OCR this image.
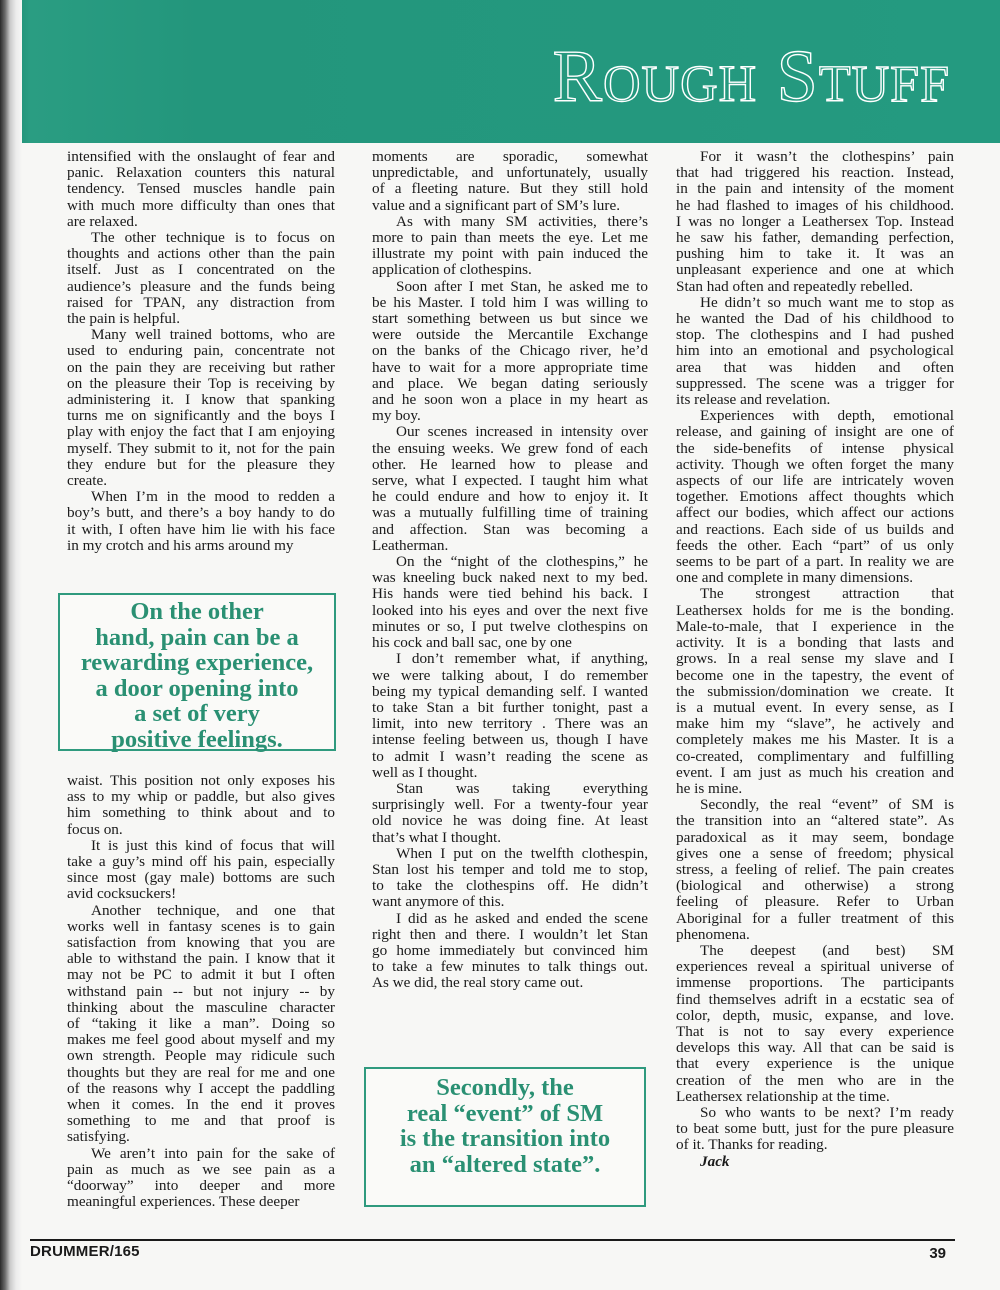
Rough Stuff
intensified with the onslaught of fear and
panic. Relaxation counters this natural
tendency. Tensed muscles handle pain
with much more difficulty than ones that
are relaxed.
The other technique is to focus on
thoughts and actions other than the pain
itself. Just as I concentrated on the
audience’s pleasure and the funds being
raised for TPAN, any distraction from
the pain is helpful.
Many well trained bottoms, who are
used to enduring pain, concentrate not
on the pain they are receiving but rather
on the pleasure their Top is receiving by
administering it. I know that spanking
turns me on significantly and the boys I
play with enjoy the fact that I am enjoying
myself. They submit to it, not for the pain
they endure but for the pleasure they
create.
When I’m in the mood to redden a
boy’s butt, and there’s a boy handy to do
it with, I often have him lie with his face
in my crotch and his arms around my
On the other
hand, pain can be a
rewarding experience,
a door opening into
a set of very
positive feelings.
waist. This position not only exposes his
ass to my whip or paddle, but also gives
him something to think about and to
focus on.
It is just this kind of focus that will
take a guy’s mind off his pain, especially
since most (gay male) bottoms are such
avid cocksuckers!
Another technique, and one that
works well in fantasy scenes is to gain
satisfaction from knowing that you are
able to withstand the pain. I know that it
may not be PC to admit it but I often
withstand pain -- but not injury -- by
thinking about the masculine character
of “taking it like a man”. Doing so
makes me feel good about myself and my
own strength. People may ridicule such
thoughts but they are real for me and one
of the reasons why I accept the paddling
when it comes. In the end it proves
something to me and that proof is
satisfying.
We aren’t into pain for the sake of
pain as much as we see pain as a
“doorway” into deeper and more
meaningful experiences. These deeper
moments are sporadic, somewhat
unpredictable, and unfortunately, usually
of a fleeting nature. But they still hold
value and a significant part of SM’s lure.
As with many SM activities, there’s
more to pain than meets the eye. Let me
illustrate my point with pain induced the
application of clothespins.
Soon after I met Stan, he asked me to
be his Master. I told him I was willing to
start something between us but since we
were outside the Mercantile Exchange
on the banks of the Chicago river, he’d
have to wait for a more appropriate time
and place. We began dating seriously
and he soon won a place in my heart as
my boy.
Our scenes increased in intensity over
the ensuing weeks. We grew fond of each
other. He learned how to please and
serve, what I expected. I taught him what
he could endure and how to enjoy it. It
was a mutually fulfilling time of training
and affection. Stan was becoming a
Leatherman.
On the “night of the clothespins,” he
was kneeling buck naked next to my bed.
His hands were tied behind his back. I
looked into his eyes and over the next five
minutes or so, I put twelve clothespins on
his cock and ball sac, one by one
I don’t remember what, if anything,
we were talking about, I do remember
being my typical demanding self. I wanted
to take Stan a bit further tonight, past a
limit, into new territory . There was an
intense feeling between us, though I have
to admit I wasn’t reading the scene as
well as I thought.
Stan was taking everything
surprisingly well. For a twenty-four year
old novice he was doing fine. At least
that’s what I thought.
When I put on the twelfth clothespin,
Stan lost his temper and told me to stop,
to take the clothespins off. He didn’t
want anymore of this.
I did as he asked and ended the scene
right then and there. I wouldn’t let Stan
go home immediately but convinced him
to take a few minutes to talk things out.
As we did, the real story came out.
Secondly, the
real “event” of SM
is the transition into
an “altered state”.
For it wasn’t the clothespins’ pain
that had triggered his reaction. Instead,
in the pain and intensity of the moment
he had flashed to images of his childhood.
I was no longer a Leathersex Top. Instead
he saw his father, demanding perfection,
pushing him to take it. It was an
unpleasant experience and one at which
Stan had often and repeatedly rebelled.
He didn’t so much want me to stop as
he wanted the Dad of his childhood to
stop. The clothespins and I had pushed
him into an emotional and psychological
area that was hidden and often
suppressed. The scene was a trigger for
its release and revelation.
Experiences with depth, emotional
release, and gaining of insight are one of
the side-benefits of intense physical
activity. Though we often forget the many
aspects of our life are intricately woven
together. Emotions affect thoughts which
affect our bodies, which affect our actions
and reactions. Each side of us builds and
feeds the other. Each “part” of us only
seems to be part of a part. In reality we are
one and complete in many dimensions.
The strongest attraction that
Leathersex holds for me is the bonding.
Male-to-male, that I experience in the
activity. It is a bonding that lasts and
grows. In a real sense my slave and I
become one in the tapestry, the event of
the submission/domination we create. It
is a mutual event. In every sense, as I
make him my “slave”, he actively and
completely makes me his Master. It is a
co-created, complimentary and fulfilling
event. I am just as much his creation and
he is mine.
Secondly, the real “event” of SM is
the transition into an “altered state”. As
paradoxical as it may seem, bondage
gives one a sense of freedom; physical
stress, a feeling of relief. The pain creates
(biological and otherwise) a strong
feeling of pleasure. Refer to Urban
Aboriginal for a fuller treatment of this
phenomena.
The deepest (and best) SM
experiences reveal a spiritual universe of
immense proportions. The participants
find themselves adrift in a ecstatic sea of
color, depth, music, expanse, and love.
That is not to say every experience
develops this way. All that can be said is
that every experience is the unique
creation of the men who are in the
Leathersex relationship at the time.
So who wants to be next? I’m ready
to beat some butt, just for the pure pleasure
of it. Thanks for reading.
Jack
DRUMMER/165	39
